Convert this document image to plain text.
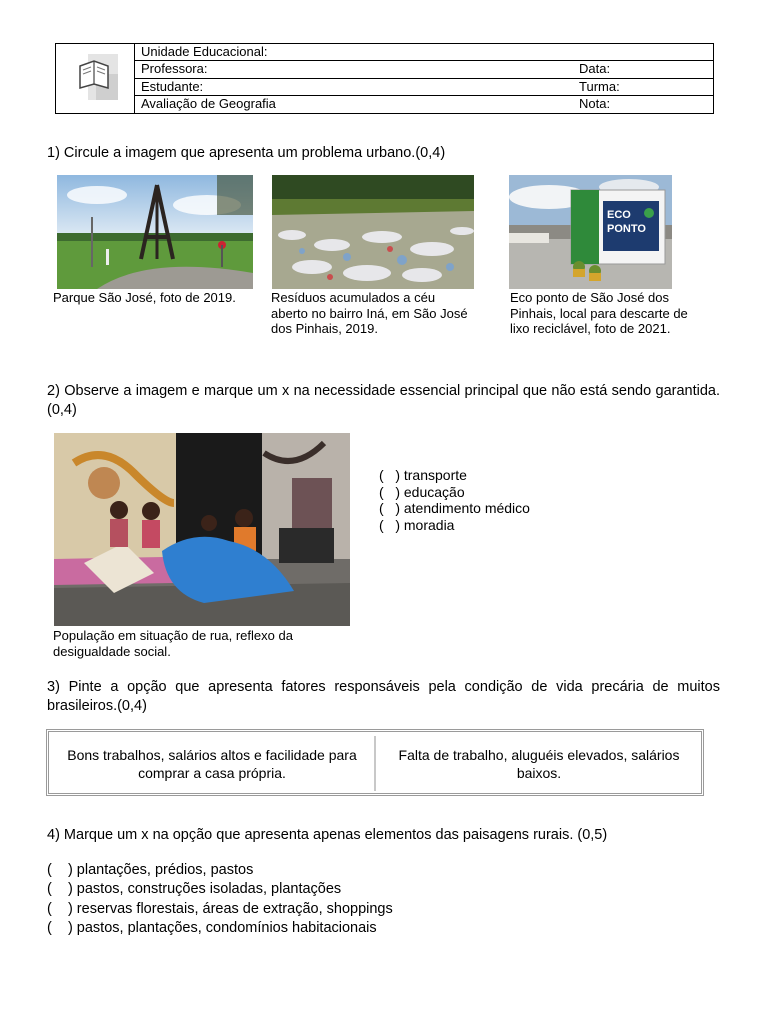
Unidade Educacional:
Professora:	Data:
Estudante:	Turma:
Avaliação de Geografia	Nota:
1) Circule a imagem que apresenta um problema urbano.(0,4)
Parque São José, foto de 2019.	Resíduos acumulados a céu aberto no bairro Iná, em São José dos Pinhais, 2019.
ECO
PONTO
Eco ponto de São José dos Pinhais, local para descarte de lixo reciclável, foto de 2021.
2) Observe a imagem e marque um x na necessidade essencial principal que não está sendo garantida.(0,4)
População em situação de rua, reflexo da desigualdade social.
(   ) transporte
(   ) educação
(   ) atendimento médico
(   ) moradia
3) Pinte a opção que apresenta fatores responsáveis pela condição de vida precária de muitos brasileiros.(0,4)
Bons trabalhos, salários altos e facilidade para comprar a casa própria.
Falta de trabalho, aluguéis elevados, salários baixos.
4) Marque um x na opção que apresenta apenas elementos das paisagens rurais. (0,5)
(    ) plantações, prédios, pastos
(    ) pastos, construções isoladas, plantações
(    ) reservas florestais, áreas de extração, shoppings
(    ) pastos, plantações, condomínios habitacionais
